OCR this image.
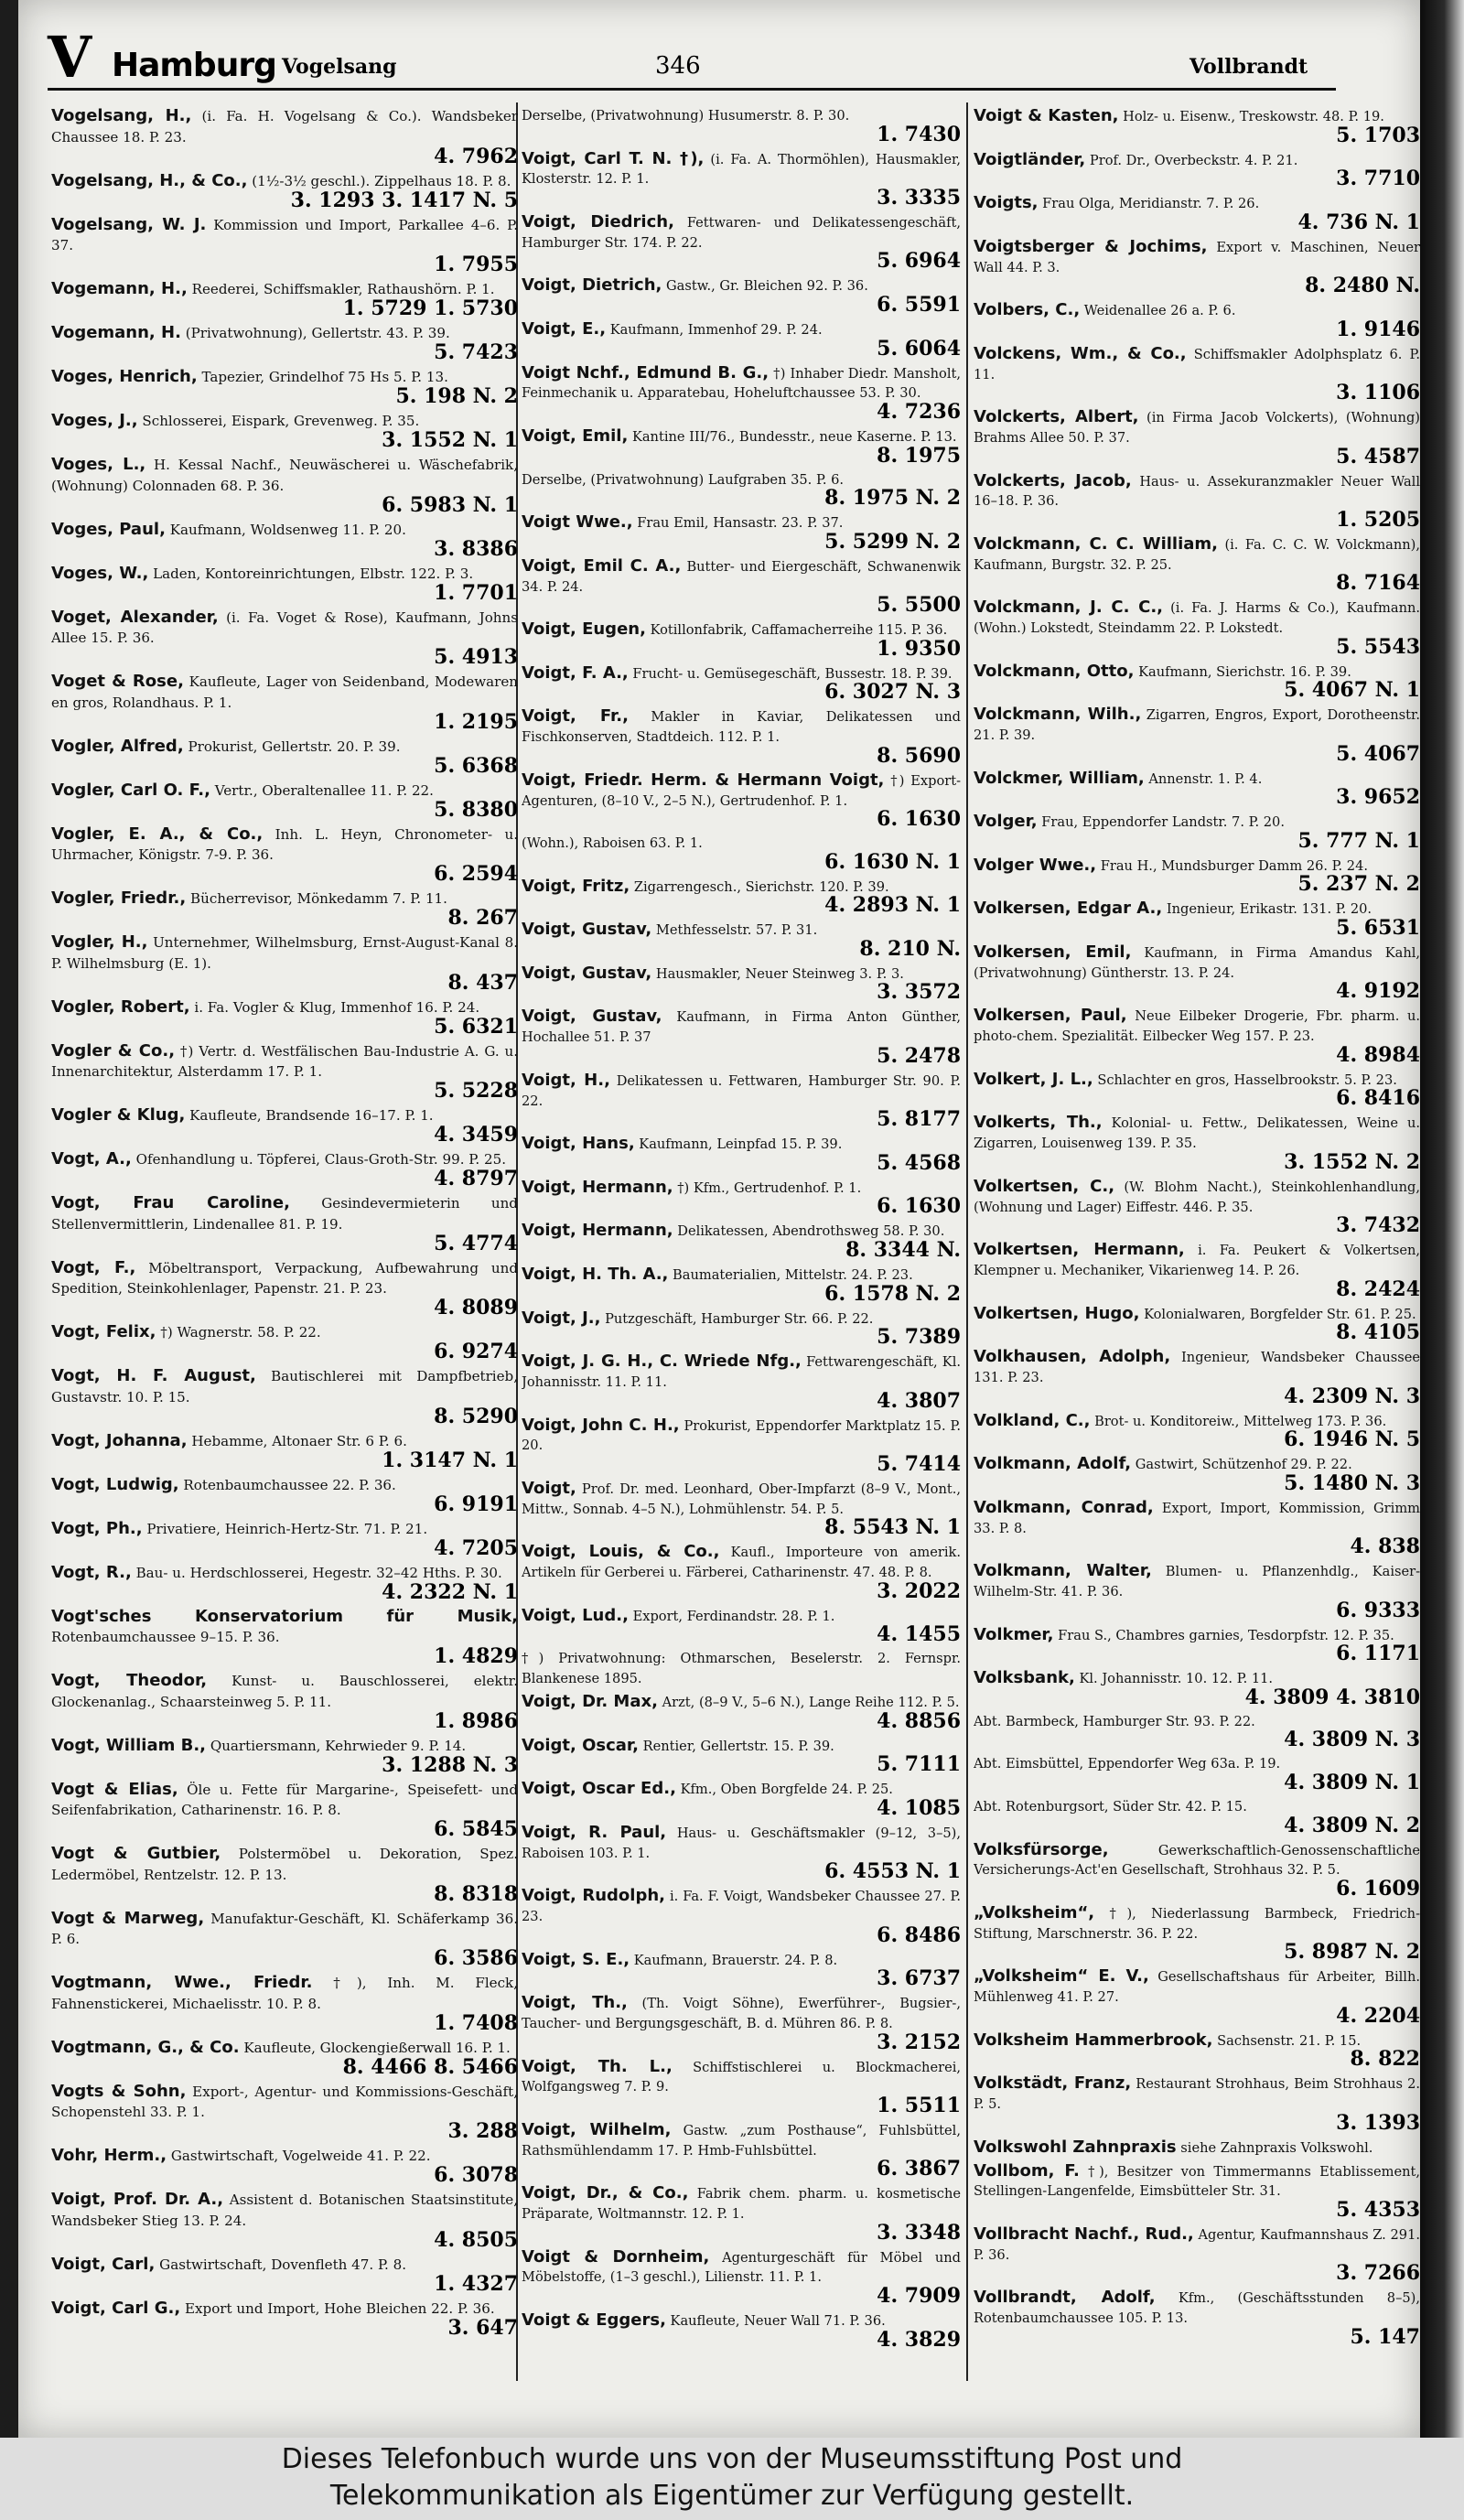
V Hamburg Vogelsang	346	Vollbrandt
Vogelsang, H., (i. Fa. H. Vogelsang & Co.). Wandsbeker Chaussee 18. P. 23.
4. 7962
Vogelsang, H., & Co., (1½-3½ geschl.). Zippelhaus 18. P. 8.
3. 1293 3. 1417 N. 5
Vogelsang, W. J. Kommission und Import, Parkallee 4–6. P. 37.
1. 7955
Vogemann, H., Reederei, Schiffsmakler, Rathaushörn. P. 1.
1. 5729 1. 5730
Vogemann, H. (Privatwohnung), Gellertstr. 43. P. 39.
5. 7423
Voges, Henrich, Tapezier, Grindelhof 75 Hs 5. P. 13.
5. 198 N. 2
Voges, J., Schlosserei, Eispark, Grevenweg. P. 35.
3. 1552 N. 1
Voges, L., H. Kessal Nachf., Neuwäscherei u. Wäschefabrik, (Wohnung) Colonnaden 68. P. 36.
6. 5983 N. 1
Voges, Paul, Kaufmann, Woldsenweg 11. P. 20.
3. 8386
Voges, W., Laden, Kontoreinrichtungen, Elbstr. 122. P. 3.
1. 7701
Voget, Alexander, (i. Fa. Voget & Rose), Kaufmann, Johns Allee 15. P. 36.
5. 4913
Voget & Rose, Kaufleute, Lager von Seidenband, Modewaren en gros, Rolandhaus. P. 1.
1. 2195
Vogler, Alfred, Prokurist, Gellertstr. 20. P. 39.
5. 6368
Vogler, Carl O. F., Vertr., Oberaltenallee 11. P. 22.
5. 8380
Vogler, E. A., & Co., Inh. L. Heyn, Chronometer- u. Uhrmacher, Königstr. 7-9. P. 36.
6. 2594
Vogler, Friedr., Bücherrevisor, Mönkedamm 7. P. 11.
8. 267
Vogler, H., Unternehmer, Wilhelmsburg, Ernst-August-Kanal 8. P. Wilhelmsburg (E. 1).
8. 437
Vogler, Robert, i. Fa. Vogler & Klug, Immenhof 16. P. 24.
5. 6321
Vogler & Co., †) Vertr. d. Westfälischen Bau-Industrie A. G. u. Innenarchitektur, Alsterdamm 17. P. 1.
5. 5228
Vogler & Klug, Kaufleute, Brandsende 16–17. P. 1.
4. 3459
Vogt, A., Ofenhandlung u. Töpferei, Claus-Groth-Str. 99. P. 25.
4. 8797
Vogt, Frau Caroline, Gesindevermieterin und Stellenvermittlerin, Lindenallee 81. P. 19.
5. 4774
Vogt, F., Möbeltransport, Verpackung, Aufbewahrung und Spedition, Steinkohlenlager, Papenstr. 21. P. 23.
4. 8089
Vogt, Felix, †) Wagnerstr. 58. P. 22.
6. 9274
Vogt, H. F. August, Bautischlerei mit Dampfbetrieb, Gustavstr. 10. P. 15.
8. 5290
Vogt, Johanna, Hebamme, Altonaer Str. 6 P. 6.
1. 3147 N. 1
Vogt, Ludwig, Rotenbaumchaussee 22. P. 36.
6. 9191
Vogt, Ph., Privatiere, Heinrich-Hertz-Str. 71. P. 21.
4. 7205
Vogt, R., Bau- u. Herdschlosserei, Hegestr. 32–42 Hths. P. 30.
4. 2322 N. 1
Vogt'sches Konservatorium für Musik, Rotenbaumchaussee 9–15. P. 36.
1. 4829
Vogt, Theodor, Kunst- u. Bauschlosserei, elektr. Glockenanlag., Schaarsteinweg 5. P. 11.
1. 8986
Vogt, William B., Quartiersmann, Kehrwieder 9. P. 14.
3. 1288 N. 3
Vogt & Elias, Öle u. Fette für Margarine-, Speisefett- und Seifenfabrikation, Catharinenstr. 16. P. 8.
6. 5845
Vogt & Gutbier, Polstermöbel u. Dekoration, Spez. Ledermöbel, Rentzelstr. 12. P. 13.
8. 8318
Vogt & Marweg, Manufaktur-Geschäft, Kl. Schäferkamp 36. P. 6.
6. 3586
Vogtmann, Wwe., Friedr. †), Inh. M. Fleck, Fahnenstickerei, Michaelisstr. 10. P. 8.
1. 7408
Vogtmann, G., & Co. Kaufleute, Glockengießerwall 16. P. 1.
8. 4466 8. 5466
Vogts & Sohn, Export-, Agentur- und Kommissions-Geschäft, Schopenstehl 33. P. 1.
3. 288
Vohr, Herm., Gastwirtschaft, Vogelweide 41. P. 22.
6. 3078
Voigt, Prof. Dr. A., Assistent d. Botanischen Staatsinstitute, Wandsbeker Stieg 13. P. 24.
4. 8505
Voigt, Carl, Gastwirtschaft, Dovenfleth 47. P. 8.
1. 4327
Voigt, Carl G., Export und Import, Hohe Bleichen 22. P. 36.
3. 647
Derselbe, (Privatwohnung) Husumerstr. 8. P. 30.
1. 7430
Voigt, Carl T. N. †), (i. Fa. A. Thormöhlen), Hausmakler, Klosterstr. 12. P. 1.
3. 3335
Voigt, Diedrich, Fettwaren- und Delikatessengeschäft, Hamburger Str. 174. P. 22.
5. 6964
Voigt, Dietrich, Gastw., Gr. Bleichen 92. P. 36.
6. 5591
Voigt, E., Kaufmann, Immenhof 29. P. 24.
5. 6064
Voigt Nchf., Edmund B. G., †) Inhaber Diedr. Mansholt, Feinmechanik u. Apparatebau, Hoheluftchaussee 53. P. 30.
4. 7236
Voigt, Emil, Kantine III/76., Bundesstr., neue Kaserne. P. 13.
8. 1975
Derselbe, (Privatwohnung) Laufgraben 35. P. 6.
8. 1975 N. 2
Voigt Wwe., Frau Emil, Hansastr. 23. P. 37.
5. 5299 N. 2
Voigt, Emil C. A., Butter- und Eiergeschäft, Schwanenwik 34. P. 24.
5. 5500
Voigt, Eugen, Kotillonfabrik, Caffamacherreihe 115. P. 36.
1. 9350
Voigt, F. A., Frucht- u. Gemüsegeschäft, Bussestr. 18. P. 39.
6. 3027 N. 3
Voigt, Fr., Makler in Kaviar, Delikatessen und Fischkonserven, Stadtdeich. 112. P. 1.
8. 5690
Voigt, Friedr. Herm. & Hermann Voigt, †) Export-Agenturen, (8–10 V., 2–5 N.), Gertrudenhof. P. 1.
6. 1630
(Wohn.), Raboisen 63. P. 1.
6. 1630 N. 1
Voigt, Fritz, Zigarrengesch., Sierichstr. 120. P. 39.
4. 2893 N. 1
Voigt, Gustav, Methfesselstr. 57. P. 31.
8. 210 N.
Voigt, Gustav, Hausmakler, Neuer Steinweg 3. P. 3.
3. 3572
Voigt, Gustav, Kaufmann, in Firma Anton Günther, Hochallee 51. P. 37
5. 2478
Voigt, H., Delikatessen u. Fettwaren, Hamburger Str. 90. P. 22.
5. 8177
Voigt, Hans, Kaufmann, Leinpfad 15. P. 39.
5. 4568
Voigt, Hermann, †) Kfm., Gertrudenhof. P. 1.
6. 1630
Voigt, Hermann, Delikatessen, Abendrothsweg 58. P. 30.
8. 3344 N.
Voigt, H. Th. A., Baumaterialien, Mittelstr. 24. P. 23.
6. 1578 N. 2
Voigt, J., Putzgeschäft, Hamburger Str. 66. P. 22.
5. 7389
Voigt, J. G. H., C. Wriede Nfg., Fettwarengeschäft, Kl. Johannisstr. 11. P. 11.
4. 3807
Voigt, John C. H., Prokurist, Eppendorfer Marktplatz 15. P. 20.
5. 7414
Voigt, Prof. Dr. med. Leonhard, Ober-Impfarzt (8–9 V., Mont., Mittw., Sonnab. 4–5 N.), Lohmühlenstr. 54. P. 5.
8. 5543 N. 1
Voigt, Louis, & Co., Kaufl., Importeure von amerik. Artikeln für Gerberei u. Färberei, Catharinenstr. 47. 48. P. 8.
3. 2022
Voigt, Lud., Export, Ferdinandstr. 28. P. 1.
4. 1455
†) Privatwohnung: Othmarschen, Beselerstr. 2. Fernspr. Blankenese 1895.
Voigt, Dr. Max, Arzt, (8–9 V., 5–6 N.), Lange Reihe 112. P. 5.
4. 8856
Voigt, Oscar, Rentier, Gellertstr. 15. P. 39.
5. 7111
Voigt, Oscar Ed., Kfm., Oben Borgfelde 24. P. 25.
4. 1085
Voigt, R. Paul, Haus- u. Geschäftsmakler (9–12, 3–5), Raboisen 103. P. 1.
6. 4553 N. 1
Voigt, Rudolph, i. Fa. F. Voigt, Wandsbeker Chaussee 27. P. 23.
6. 8486
Voigt, S. E., Kaufmann, Brauerstr. 24. P. 8.
3. 6737
Voigt, Th., (Th. Voigt Söhne), Ewerführer-, Bugsier-, Taucher- und Bergungsgeschäft, B. d. Mühren 86. P. 8.
3. 2152
Voigt, Th. L., Schiffstischlerei u. Blockmacherei, Wolfgangsweg 7. P. 9.
1. 5511
Voigt, Wilhelm, Gastw. „zum Posthause“, Fuhlsbüttel, Rathsmühlendamm 17. P. Hmb-Fuhlsbüttel.
6. 3867
Voigt, Dr., & Co., Fabrik chem. pharm. u. kosmetische Präparate, Woltmannstr. 12. P. 1.
3. 3348
Voigt & Dornheim, Agenturgeschäft für Möbel und Möbelstoffe, (1–3 geschl.), Lilienstr. 11. P. 1.
4. 7909
Voigt & Eggers, Kaufleute, Neuer Wall 71. P. 36.
4. 3829
Voigt & Kasten, Holz- u. Eisenw., Treskowstr. 48. P. 19.
5. 1703
Voigtländer, Prof. Dr., Overbeckstr. 4. P. 21.
3. 7710
Voigts, Frau Olga, Meridianstr. 7. P. 26.
4. 736 N. 1
Voigtsberger & Jochims, Export v. Maschinen, Neuer Wall 44. P. 3.
8. 2480 N.
Volbers, C., Weidenallee 26 a. P. 6.
1. 9146
Volckens, Wm., & Co., Schiffsmakler Adolphsplatz 6. P. 11.
3. 1106
Volckerts, Albert, (in Firma Jacob Volckerts), (Wohnung) Brahms Allee 50. P. 37.
5. 4587
Volckerts, Jacob, Haus- u. Assekuranzmakler Neuer Wall 16–18. P. 36.
1. 5205
Volckmann, C. C. William, (i. Fa. C. C. W. Volckmann), Kaufmann, Burgstr. 32. P. 25.
8. 7164
Volckmann, J. C. C., (i. Fa. J. Harms & Co.), Kaufmann. (Wohn.) Lokstedt, Steindamm 22. P. Lokstedt.
5. 5543
Volckmann, Otto, Kaufmann, Sierichstr. 16. P. 39.
5. 4067 N. 1
Volckmann, Wilh., Zigarren, Engros, Export, Dorotheenstr. 21. P. 39.
5. 4067
Volckmer, William, Annenstr. 1. P. 4.
3. 9652
Volger, Frau, Eppendorfer Landstr. 7. P. 20.
5. 777 N. 1
Volger Wwe., Frau H., Mundsburger Damm 26. P. 24.
5. 237 N. 2
Volkersen, Edgar A., Ingenieur, Erikastr. 131. P. 20.
5. 6531
Volkersen, Emil, Kaufmann, in Firma Amandus Kahl, (Privatwohnung) Güntherstr. 13. P. 24.
4. 9192
Volkersen, Paul, Neue Eilbeker Drogerie, Fbr. pharm. u. photo-chem. Spezialität. Eilbecker Weg 157. P. 23.
4. 8984
Volkert, J. L., Schlachter en gros, Hasselbrookstr. 5. P. 23.
6. 8416
Volkerts, Th., Kolonial- u. Fettw., Delikatessen, Weine u. Zigarren, Louisenweg 139. P. 35.
3. 1552 N. 2
Volkertsen, C., (W. Blohm Nacht.), Steinkohlenhandlung, (Wohnung und Lager) Eiffestr. 446. P. 35.
3. 7432
Volkertsen, Hermann, i. Fa. Peukert & Volkertsen, Klempner u. Mechaniker, Vikarienweg 14. P. 26.
8. 2424
Volkertsen, Hugo, Kolonialwaren, Borgfelder Str. 61. P. 25.
8. 4105
Volkhausen, Adolph, Ingenieur, Wandsbeker Chaussee 131. P. 23.
4. 2309 N. 3
Volkland, C., Brot- u. Konditoreiw., Mittelweg 173. P. 36.
6. 1946 N. 5
Volkmann, Adolf, Gastwirt, Schützenhof 29. P. 22.
5. 1480 N. 3
Volkmann, Conrad, Export, Import, Kommission, Grimm 33. P. 8.
4. 838
Volkmann, Walter, Blumen- u. Pflanzenhdlg., Kaiser-Wilhelm-Str. 41. P. 36.
6. 9333
Volkmer, Frau S., Chambres garnies, Tesdorpfstr. 12. P. 35.
6. 1171
Volksbank, Kl. Johannisstr. 10. 12. P. 11.
4. 3809 4. 3810
Abt. Barmbeck, Hamburger Str. 93. P. 22.
4. 3809 N. 3
Abt. Eimsbüttel, Eppendorfer Weg 63a. P. 19.
4. 3809 N. 1
Abt. Rotenburgsort, Süder Str. 42. P. 15.
4. 3809 N. 2
Volksfürsorge,	Gewerkschaftlich-Genossenschaftliche Versicherungs-Act'en Gesellschaft, Strohhaus 32. P. 5.
6. 1609
„Volksheim“, †), Niederlassung Barmbeck, Friedrich-Stiftung, Marschnerstr. 36. P. 22.
5. 8987 N. 2
„Volksheim“ E. V., Gesellschaftshaus für Arbeiter, Billh. Mühlenweg 41. P. 27.
4. 2204
Volksheim Hammerbrook, Sachsenstr. 21. P. 15.
8. 822
Volkstädt, Franz, Restaurant Strohhaus, Beim Strohhaus 2. P. 5.
3. 1393
Volkswohl Zahnpraxis siehe Zahnpraxis Volkswohl.
Vollbom, F. †), Besitzer von Timmermanns Etablissement, Stellingen-Langenfelde, Eimsbütteler Str. 31.
5. 4353
Vollbracht Nachf., Rud., Agentur, Kaufmannshaus Z. 291. P. 36.
3. 7266
Vollbrandt, Adolf, Kfm., (Geschäftsstunden 8–5), Rotenbaumchaussee 105. P. 13.
5. 147
Dieses Telefonbuch wurde uns von der Museumsstiftung Post und
Telekommunikation als Eigentümer zur Verfügung gestellt.
